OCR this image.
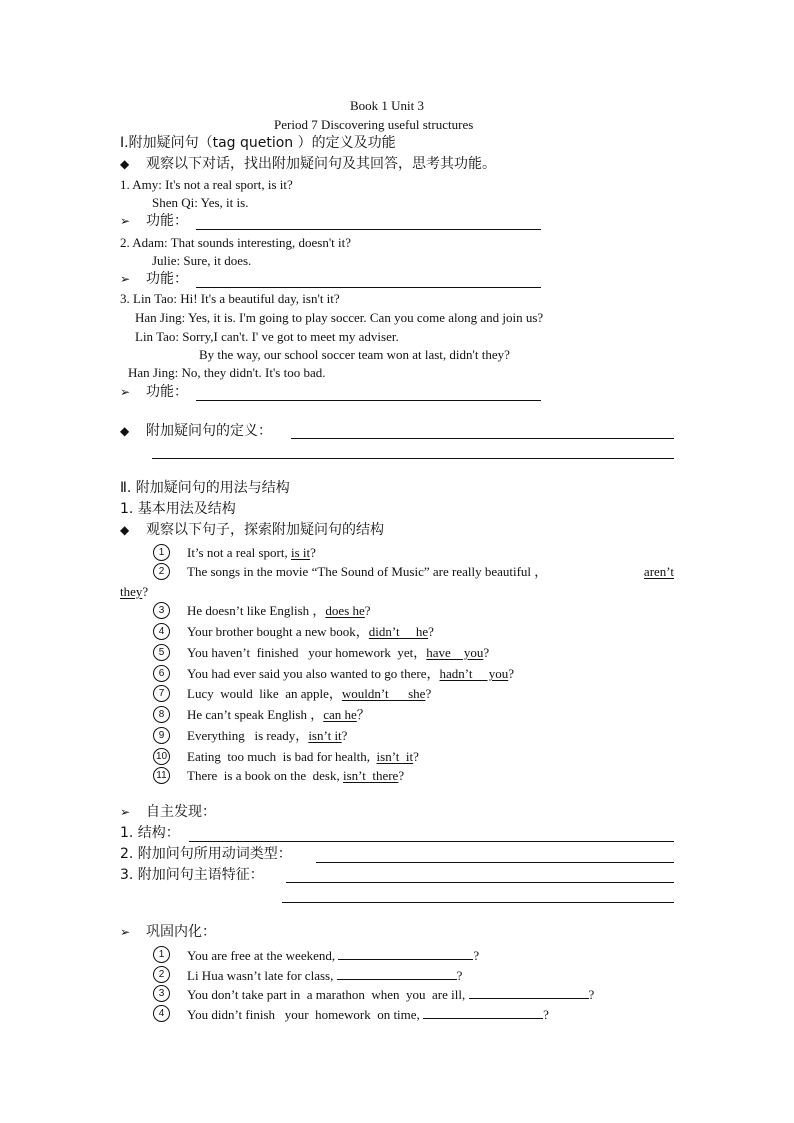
Book 1 Unit 3
Period 7 Discovering useful structures
Ⅰ.附加疑问句（tag quetion ）的定义及功能
◆ 观察以下对话，找出附加疑问句及其回答，思考其功能。
1. Amy: It's not a real sport, is it?
Shen Qi: Yes, it is.
➢ 功能：
2. Adam: That sounds interesting, doesn't it?
Julie: Sure, it does.
➢ 功能：
3. Lin Tao: Hi! It's a beautiful day, isn't it?
Han Jing: Yes, it is. I'm going to play soccer. Can you come along and join us?
Lin Tao: Sorry,I can't. I' ve got to meet my adviser.
By the way, our school soccer team won at last, didn't they?
Han Jing: No, they didn't. It's too bad.
➢ 功能：
◆ 附加疑问句的定义：
Ⅱ. 附加疑问句的用法与结构
1. 基本用法及结构
◆ 观察以下句子，探索附加疑问句的结构
1	It’s not a real sport, is it?
2	The songs in the movie “The Sound of Music” are really beautiful ，	aren’t
they?
3	He doesn’t like English ，does he?
4	Your brother bought a new book，didn’t     he?
5	You haven’t  finished   your homework  yet，have    you?
6	You had ever said you also wanted to go there，hadn’t     you?
7	Lucy  would  like  an apple，wouldn’t      she?
8	He can’t speak English ，can he？
9	Everything   is ready，isn’t it?
10 Eating  too much  is bad for health,  isn’t  it?
11 There  is a book on the  desk, isn’t  there?
➢ 自主发现：
1. 结构：
2. 附加问句所用动词类型：
3. 附加问句主语特征：
➢ 巩固内化：
1	You are free at the weekend,	?
2	Li Hua wasn’t late for class,	?
3	You don’t take part in  a marathon  when  you  are ill,	?
4	You didn’t finish   your  homework  on time,	?
